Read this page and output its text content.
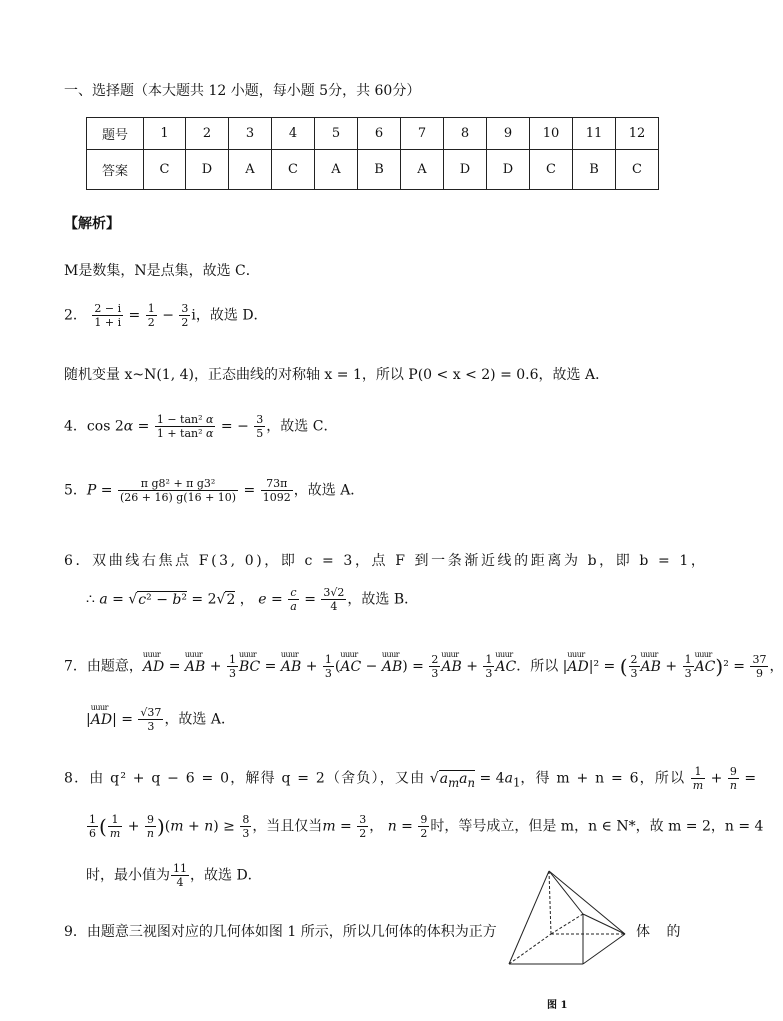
一、选择题（本大题共 12 小题，每小题 5分，共 60分）
题号	1	2	3	4	5	6	7	8	9	10	11	12
答案	C	D	A	C	A	B	A	D	D	C	B	C
【解析】
M是数集，N是点集，故选 C．
2． $\frac{2 - i}{1 + i} = \frac{1}{2} - \frac{3}{2}$ i，故选 D．
随机变量 x~N(1, 4)，正态曲线的对称轴 x = 1，所以 P(0 < x < 2) = 0.6，故选 A．
4．$\cos 2\alpha = \frac{\text{1 − tan² α}}{\text{1 + tan² α}}$ = − $\frac{3}{5}$ ，故选 C．
5．$P = \frac{\text{π g8² + π g3²}}{(26 + 16) g(16 + 10)} = \frac{73\pi}{1092}$ ，故选 A．
6．双曲线右焦点 F(3, 0)，即 c = 3，点 F 到一条渐近线的距离为 b，即 b = 1，
∴ a = √c² − b² = 2√2 ， $e = \frac{c}{a} = \frac{3√2}{4}$ ，故选 B．
7．由题意，uuur AD = uuur AB + $\frac{1}{3}$ uuur BC = uuur AB + $\frac{1}{3}$ (uuur AC − uuur $AB) = \frac{2}{3}$ uuur AB + $\frac{1}{3}$ uuur AC．所以 |uuur AD|² = ( $\frac{2}{3}$ uuur AB + $\frac{1}{3}$ uuur $AC)^2 = \frac{37}{9}$ ，
|uuur $AD| = \frac{√37}{3}$ ，故选 A．
8．由 q² + q − 6 = 0，解得 q = 2（舍负），又由 $√a_ma_n = 4a_1$，得 m + n = 6，所以 $\frac{1}{m} + \frac{9}{n}$ =
$\frac{1}{6}$ ( $\frac{1}{m} + \frac{9}{n} )(m + n) \ge \frac{8}{3}$ ，当且仅当$m = \frac{3}{2}$ ， $n = \frac{9}{2}$ 时，等号成立，但是 m，n ∈ N*，故 m = 2，n = 4
时，最小值为 $\frac{11}{4}$ ，故选 D．
9．由题意三视图对应的几何体如图 1 所示，所以几何体的体积为正方	体 的
图 1
